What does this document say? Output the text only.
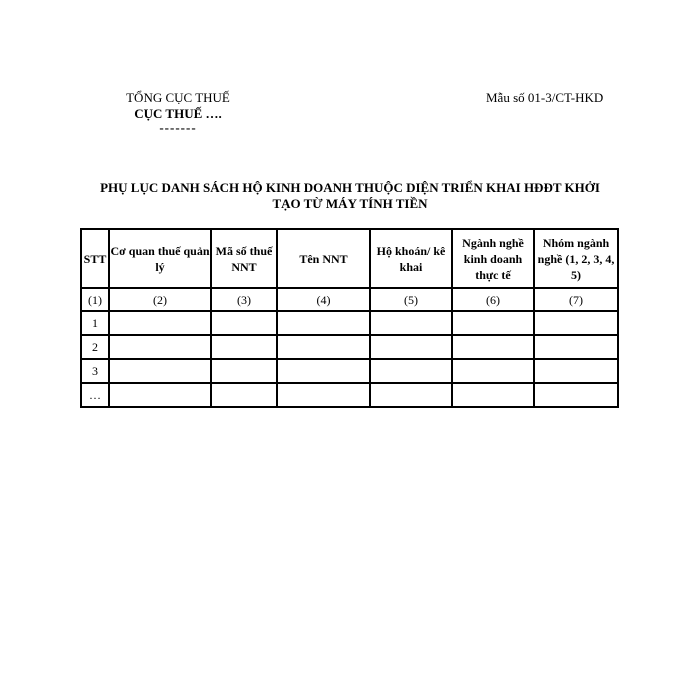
TỔNG CỤC THUẾ
CỤC THUẾ ….
-------
Mẫu số 01-3/CT-HKD
PHỤ LỤC DANH SÁCH HỘ KINH DOANH THUỘC DIỆN TRIỂN KHAI HĐĐT KHỞI
TẠO TỪ MÁY TÍNH TIỀN
STT	Cơ quan thuế quản lý	Mã số thuế NNT	Tên NNT	Hộ khoán/ kê khai	Ngành nghề kinh doanh thực tế	Nhóm ngành nghề (1, 2, 3, 4, 5)
(1)	(2)	(3)	(4)	(5)	(6)	(7)
1						
2						
3						
…						
